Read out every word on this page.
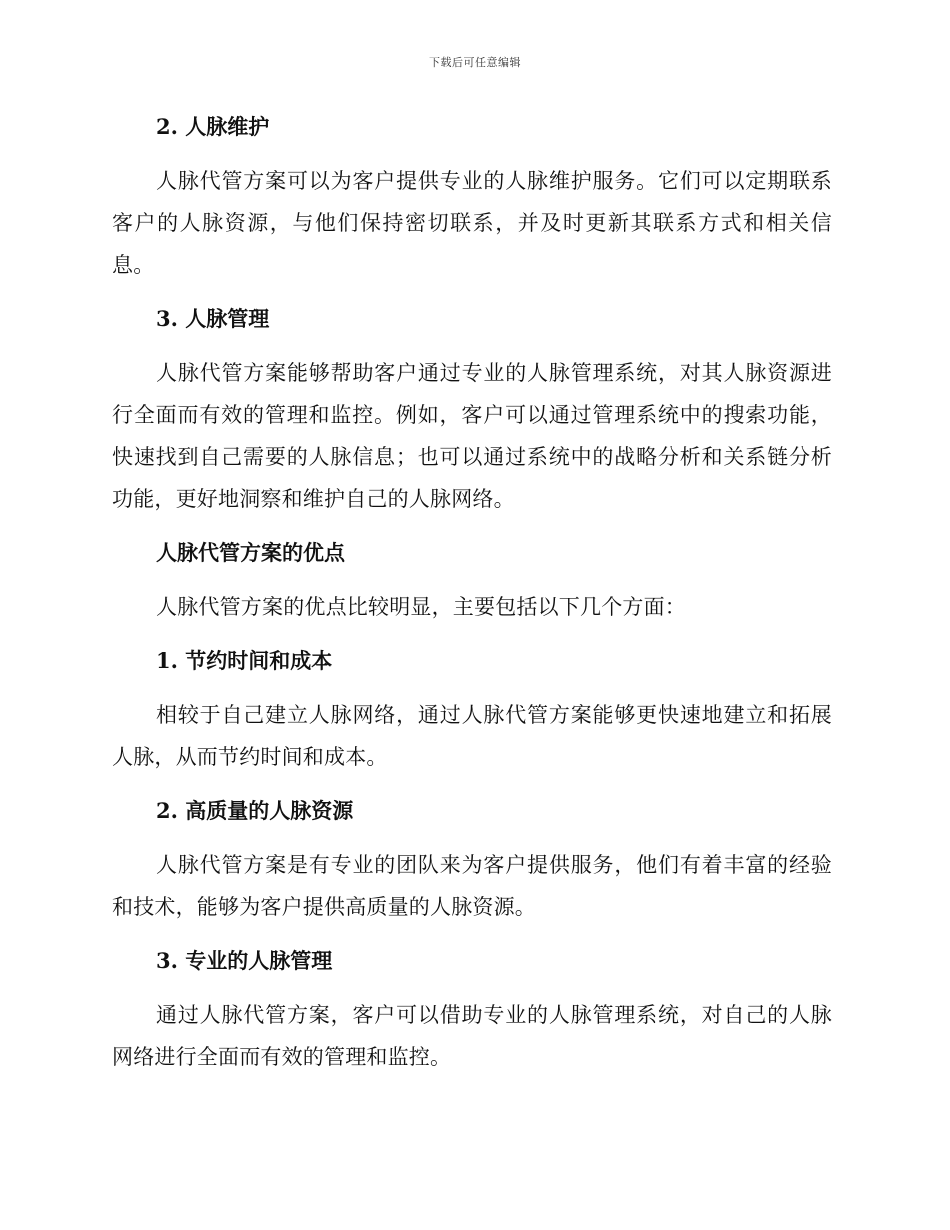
下载后可任意编辑
2. 人脉维护

人脉代管方案可以为客户提供专业的人脉维护服务。它们可以定期联系客户的人脉资源，与他们保持密切联系，并及时更新其联系方式和相关信息。

3. 人脉管理

人脉代管方案能够帮助客户通过专业的人脉管理系统，对其人脉资源进行全面而有效的管理和监控。例如，客户可以通过管理系统中的搜索功能，快速找到自己需要的人脉信息；也可以通过系统中的战略分析和关系链分析功能，更好地洞察和维护自己的人脉网络。

人脉代管方案的优点

人脉代管方案的优点比较明显，主要包括以下几个方面：

1. 节约时间和成本

相较于自己建立人脉网络，通过人脉代管方案能够更快速地建立和拓展人脉，从而节约时间和成本。

2. 高质量的人脉资源

人脉代管方案是有专业的团队来为客户提供服务，他们有着丰富的经验和技术，能够为客户提供高质量的人脉资源。

3. 专业的人脉管理

通过人脉代管方案，客户可以借助专业的人脉管理系统，对自己的人脉网络进行全面而有效的管理和监控。
